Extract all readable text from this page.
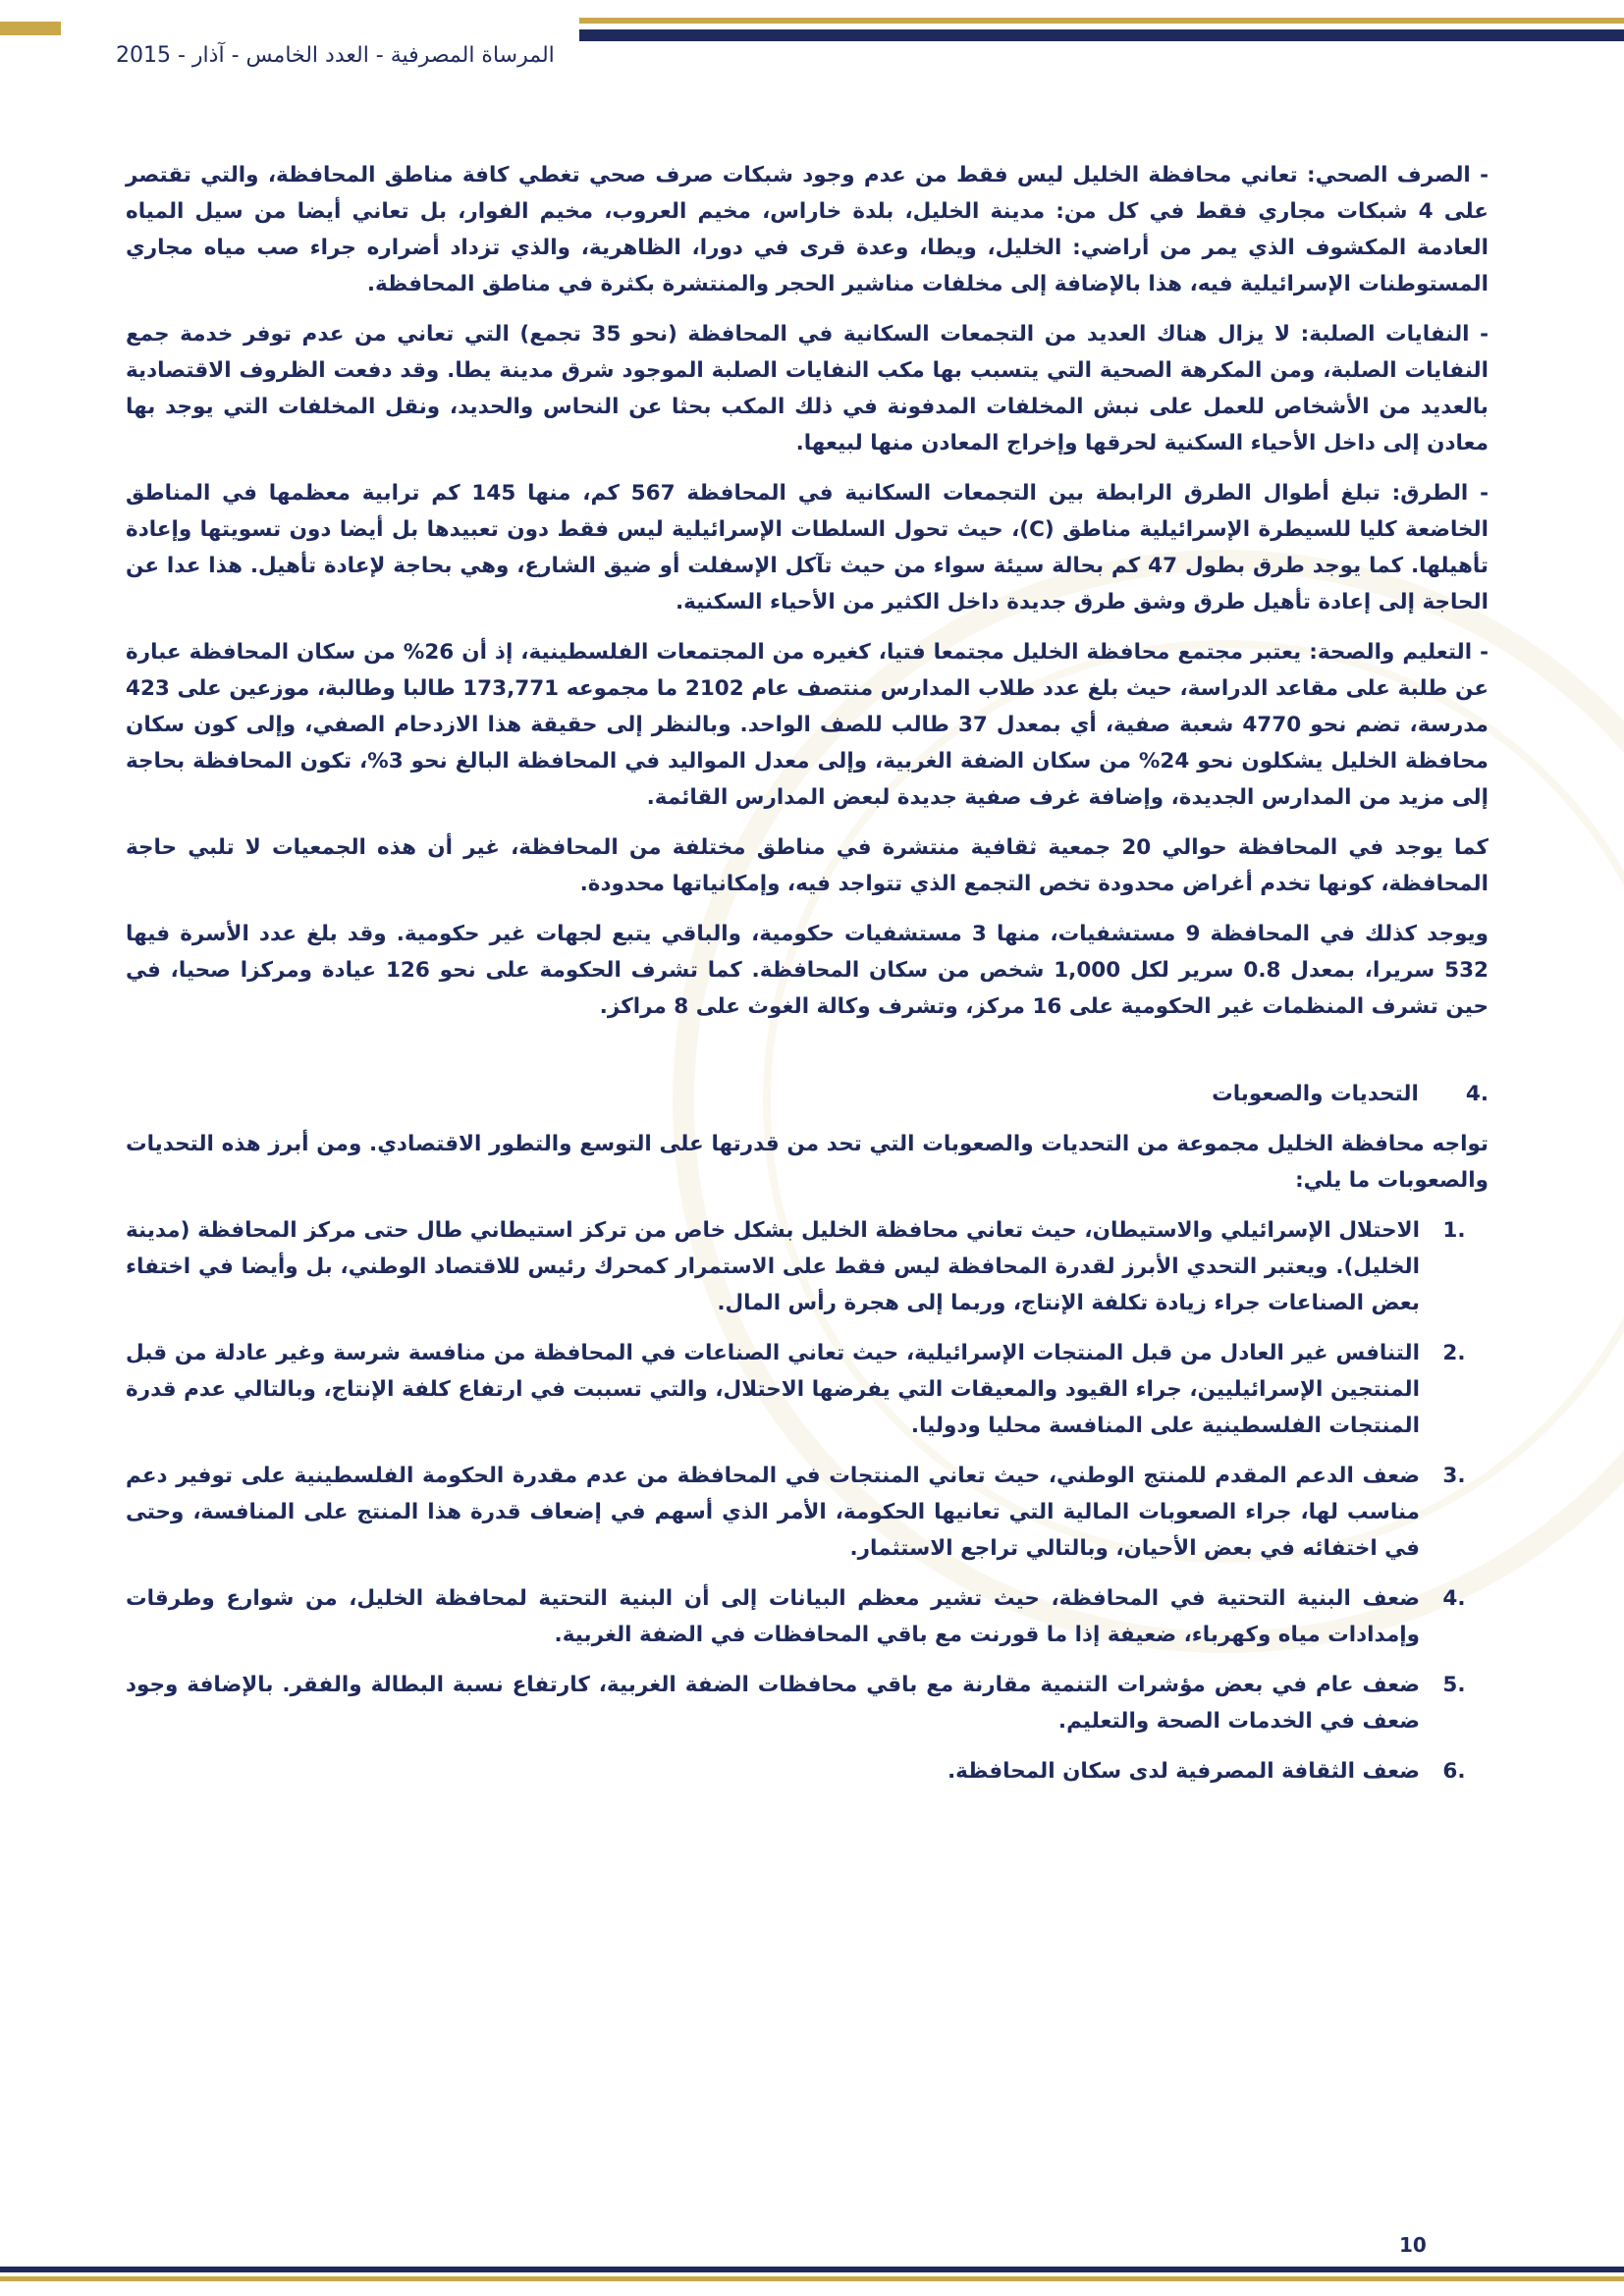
المرساة المصرفية - العدد الخامس - آذار - 2015

- الصرف الصحي: تعاني محافظة الخليل ليس فقط من عدم وجود شبكات صرف صحي تغطي كافة مناطق المحافظة، والتي تقتصر على 4 شبكات مجاري فقط في كل من: مدينة الخليل، بلدة خاراس، مخيم العروب، مخيم الفوار، بل تعاني أيضا من سيل المياه العادمة المكشوف الذي يمر من أراضي: الخليل، ويطا، وعدة قرى في دورا، الظاهرية، والذي تزداد أضراره جراء صب مياه مجاري المستوطنات الإسرائيلية فيه، هذا بالإضافة إلى مخلفات مناشير الحجر والمنتشرة بكثرة في مناطق المحافظة.

- النفايات الصلبة: لا يزال هناك العديد من التجمعات السكانية في المحافظة (نحو 35 تجمع) التي تعاني من عدم توفر خدمة جمع النفايات الصلبة، ومن المكرهة الصحية التي يتسبب بها مكب النفايات الصلبة الموجود شرق مدينة يطا. وقد دفعت الظروف الاقتصادية بالعديد من الأشخاص للعمل على نبش المخلفات المدفونة في ذلك المكب بحثا عن النحاس والحديد، ونقل المخلفات التي يوجد بها معادن إلى داخل الأحياء السكنية لحرقها وإخراج المعادن منها لبيعها.

- الطرق: تبلغ أطوال الطرق الرابطة بين التجمعات السكانية في المحافظة 567 كم، منها 145 كم ترابية معظمها في المناطق الخاضعة كليا للسيطرة الإسرائيلية مناطق (C)، حيث تحول السلطات الإسرائيلية ليس فقط دون تعبيدها بل أيضا دون تسويتها وإعادة تأهيلها. كما يوجد طرق بطول 47 كم بحالة سيئة سواء من حيث تآكل الإسفلت أو ضيق الشارع، وهي بحاجة لإعادة تأهيل. هذا عدا عن الحاجة إلى إعادة تأهيل طرق وشق طرق جديدة داخل الكثير من الأحياء السكنية.

- التعليم والصحة: يعتبر مجتمع محافظة الخليل مجتمعا فتيا، كغيره من المجتمعات الفلسطينية، إذ أن 26% من سكان المحافظة عبارة عن طلبة على مقاعد الدراسة، حيث بلغ عدد طلاب المدارس منتصف عام 2102 ما مجموعه 173,771 طالبا وطالبة، موزعين على 423 مدرسة، تضم نحو 4770 شعبة صفية، أي بمعدل 37 طالب للصف الواحد. وبالنظر إلى حقيقة هذا الازدحام الصفي، وإلى كون سكان محافظة الخليل يشكلون نحو 24% من سكان الضفة الغربية، وإلى معدل المواليد في المحافظة البالغ نحو 3%، تكون المحافظة بحاجة إلى مزيد من المدارس الجديدة، وإضافة غرف صفية جديدة لبعض المدارس القائمة.

كما يوجد في المحافظة حوالي 20 جمعية ثقافية منتشرة في مناطق مختلفة من المحافظة، غير أن هذه الجمعيات لا تلبي حاجة المحافظة، كونها تخدم أغراض محدودة تخص التجمع الذي تتواجد فيه، وإمكانياتها محدودة.

ويوجد كذلك في المحافظة 9 مستشفيات، منها 3 مستشفيات حكومية، والباقي يتبع لجهات غير حكومية. وقد بلغ عدد الأسرة فيها 532 سريرا، بمعدل 0.8 سرير لكل 1,000 شخص من سكان المحافظة. كما تشرف الحكومة على نحو 126 عيادة ومركزا صحيا، في حين تشرف المنظمات غير الحكومية على 16 مركز، وتشرف وكالة الغوث على 8 مراكز.

.4
التحديات والصعوبات

تواجه محافظة الخليل مجموعة من التحديات والصعوبات التي تحد من قدرتها على التوسع والتطور الاقتصادي. ومن أبرز هذه التحديات والصعوبات ما يلي:

.1
الاحتلال الإسرائيلي والاستيطان، حيث تعاني محافظة الخليل بشكل خاص من تركز استيطاني طال حتى مركز المحافظة (مدينة الخليل). ويعتبر التحدي الأبرز لقدرة المحافظة ليس فقط على الاستمرار كمحرك رئيس للاقتصاد الوطني، بل وأيضا في اختفاء بعض الصناعات جراء زيادة تكلفة الإنتاج، وربما إلى هجرة رأس المال.
.2
التنافس غير العادل من قبل المنتجات الإسرائيلية، حيث تعاني الصناعات في المحافظة من منافسة شرسة وغير عادلة من قبل المنتجين الإسرائيليين، جراء القيود والمعيقات التي يفرضها الاحتلال، والتي تسببت في ارتفاع كلفة الإنتاج، وبالتالي عدم قدرة المنتجات الفلسطينية على المنافسة محليا ودوليا.
.3
ضعف الدعم المقدم للمنتج الوطني، حيث تعاني المنتجات في المحافظة من عدم مقدرة الحكومة الفلسطينية على توفير دعم مناسب لها، جراء الصعوبات المالية التي تعانيها الحكومة، الأمر الذي أسهم في إضعاف قدرة هذا المنتج على المنافسة، وحتى في اختفائه في بعض الأحيان، وبالتالي تراجع الاستثمار.
.4
ضعف البنية التحتية في المحافظة، حيث تشير معظم البيانات إلى أن البنية التحتية لمحافظة الخليل، من شوارع وطرقات وإمدادات مياه وكهرباء، ضعيفة إذا ما قورنت مع باقي المحافظات في الضفة الغربية.
.5
ضعف عام في بعض مؤشرات التنمية مقارنة مع باقي محافظات الضفة الغربية، كارتفاع نسبة البطالة والفقر. بالإضافة وجود ضعف في الخدمات الصحة والتعليم.
.6
ضعف الثقافة المصرفية لدى سكان المحافظة.
10
